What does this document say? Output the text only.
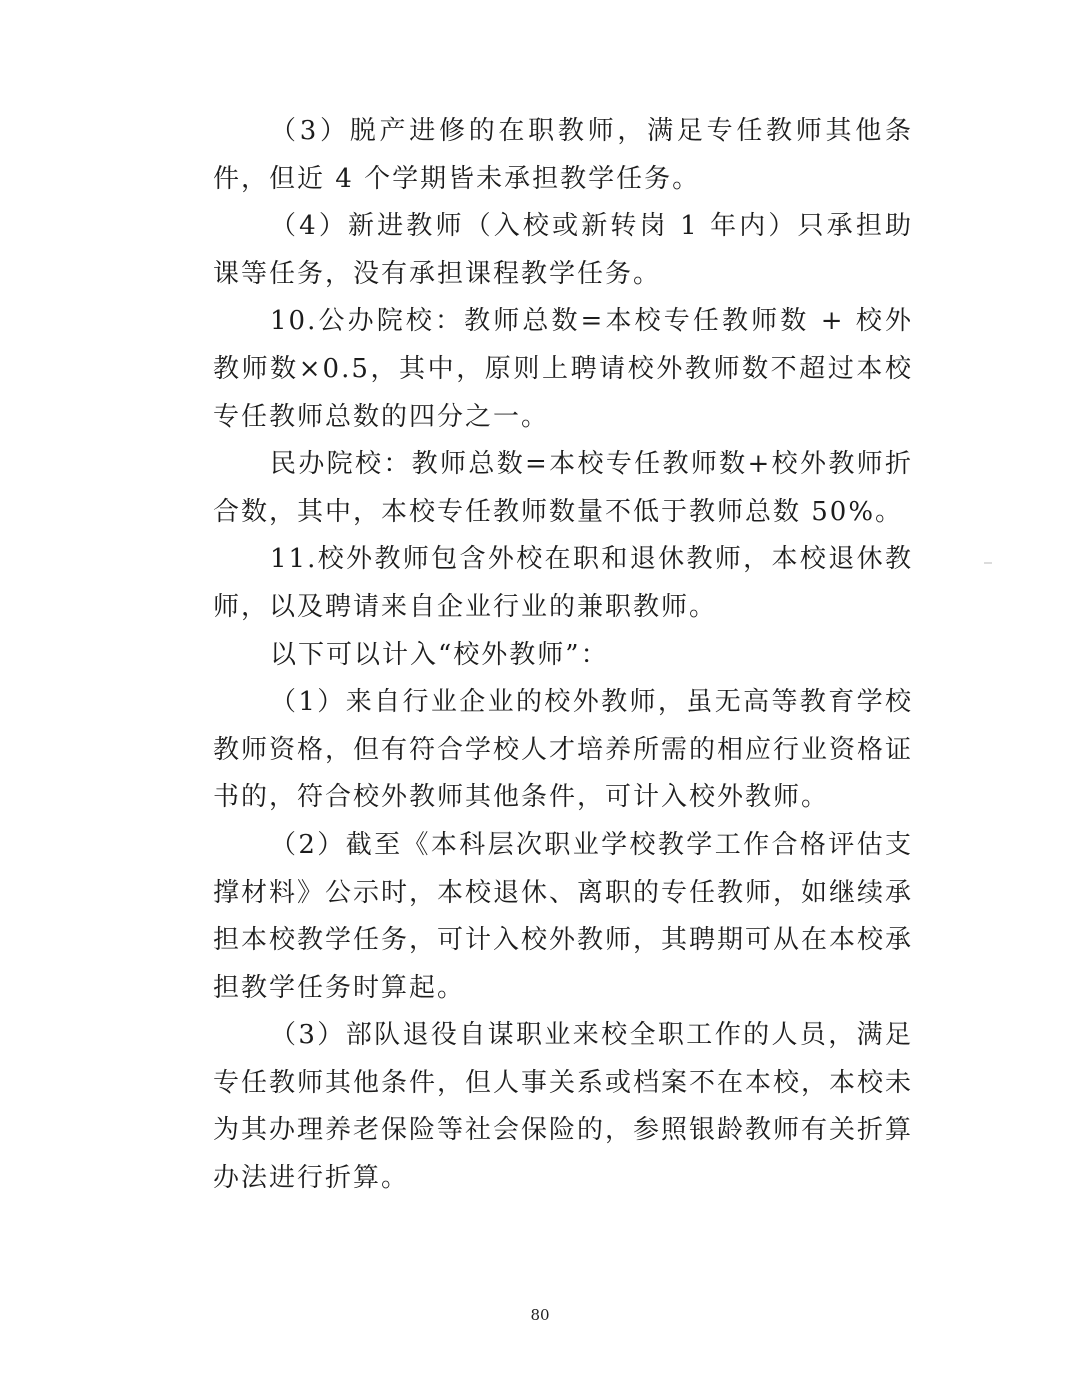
（3）脱产进修的在职教师，满足专任教师其他条件，但近 4 个学期皆未承担教学任务。

（4）新进教师（入校或新转岗 1 年内）只承担助课等任务，没有承担课程教学任务。

10.公办院校：教师总数=本校专任教师数 + 校外教师数×0.5，其中，原则上聘请校外教师数不超过本校专任教师总数的四分之一。

民办院校：教师总数=本校专任教师数+校外教师折合数，其中，本校专任教师数量不低于教师总数 50%。

11.校外教师包含外校在职和退休教师，本校退休教师，以及聘请来自企业行业的兼职教师。

以下可以计入“校外教师”：

（1）来自行业企业的校外教师，虽无高等教育学校教师资格，但有符合学校人才培养所需的相应行业资格证书的，符合校外教师其他条件，可计入校外教师。

（2）截至《本科层次职业学校教学工作合格评估支撑材料》公示时，本校退休、离职的专任教师，如继续承担本校教学任务，可计入校外教师，其聘期可从在本校承担教学任务时算起。

（3）部队退役自谋职业来校全职工作的人员，满足专任教师其他条件，但人事关系或档案不在本校，本校未为其办理养老保险等社会保险的，参照银龄教师有关折算办法进行折算。

80
